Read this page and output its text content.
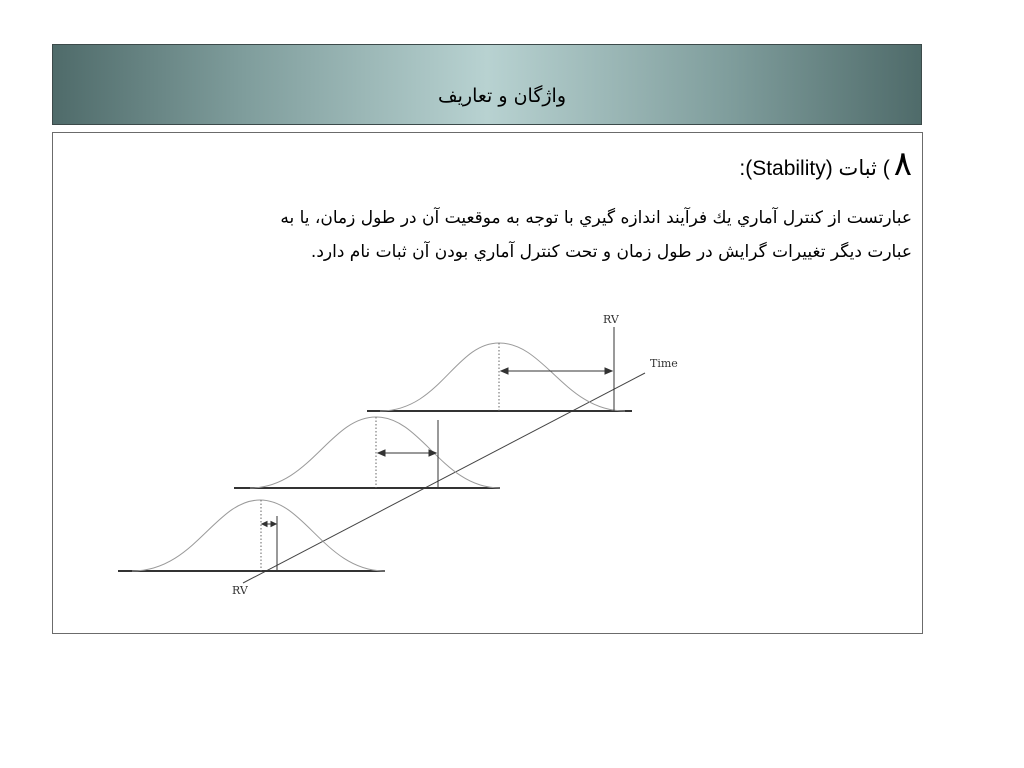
واژگان و تعاريف
۸
) ثبات (Stability):
عبارتست از كنترل آماري يك فرآيند اندازه گيري با توجه به موقعيت آن در طول زمان، يا به
عبارت ديگر تغييرات گرايش در طول زمان و تحت كنترل آماري بودن آن ثبات نام دارد.
RV
Time
RV
